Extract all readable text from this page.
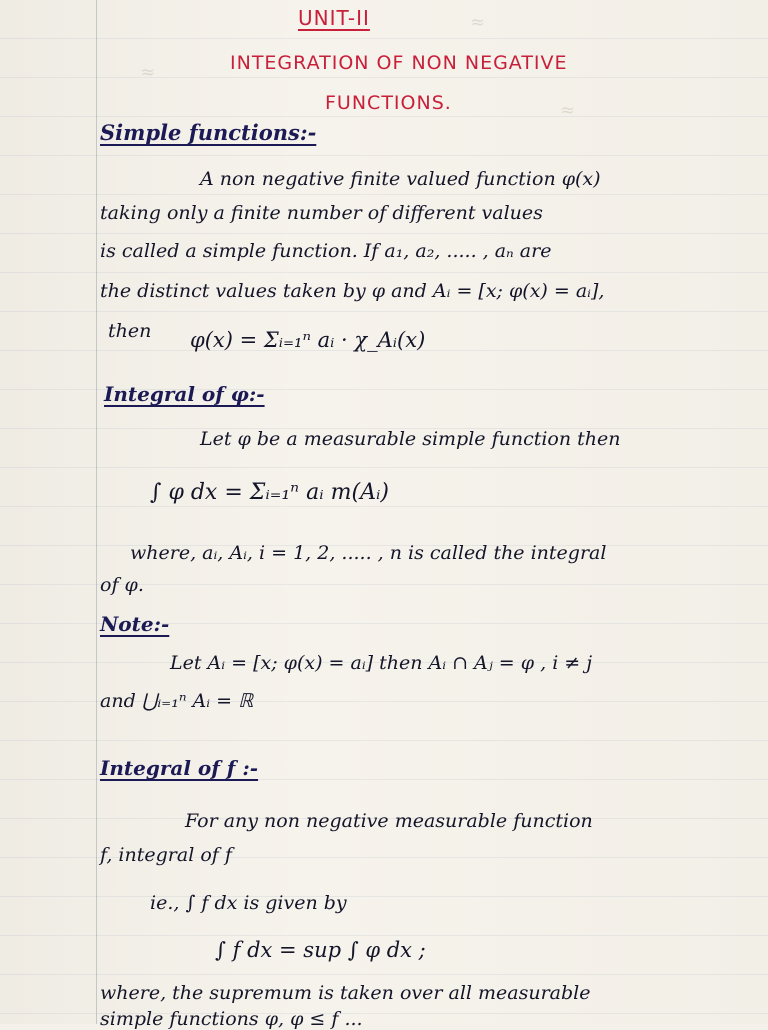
≈
≈
≈
UNIT-II
INTEGRATION OF NON NEGATIVE
FUNCTIONS.
Simple functions:-
A non negative finite valued function φ(x)
taking only a finite number of different values
is called a simple function. If a₁, a₂, ..... , aₙ are
the distinct values taken by φ and Aᵢ = [x; φ(x) = aᵢ],
then φ(x) = Σᵢ₌₁ⁿ aᵢ · χ_Aᵢ(x)
Integral of φ:-
Let φ be a measurable simple function then
∫ φ dx = Σᵢ₌₁ⁿ aᵢ m(Aᵢ)
where, aᵢ, Aᵢ, i = 1, 2, ..... , n is called the integral
of φ.
Note:-
Let Aᵢ = [x; φ(x) = aᵢ] then Aᵢ ∩ Aⱼ = φ , i ≠ j
and ⋃ᵢ₌₁ⁿ Aᵢ = ℝ
Integral of f :-
For any non negative measurable function
f, integral of f
ie., ∫ f dx is given by
∫ f dx = sup ∫ φ dx ;
where, the supremum is taken over all measurable
simple functions φ, φ ≤ f ...
